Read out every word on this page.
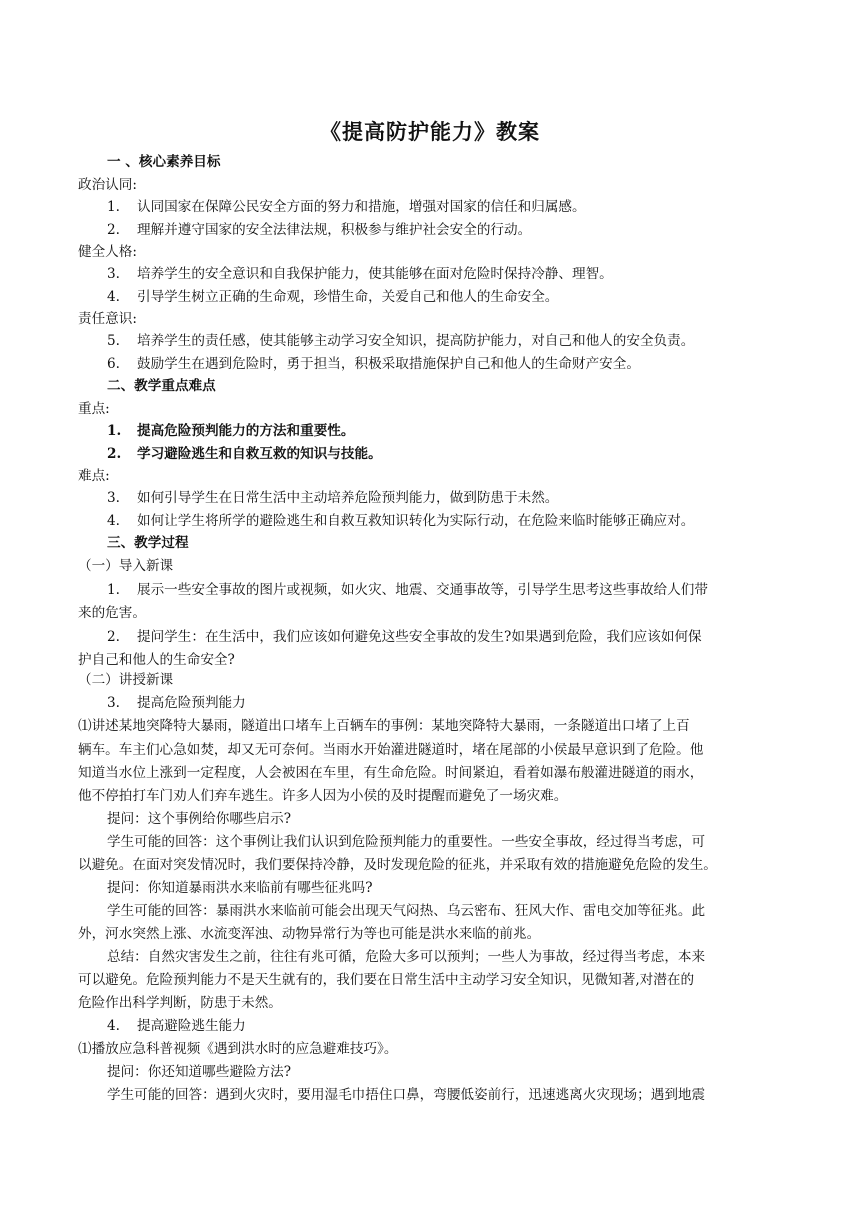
《提高防护能力》教案
一 、核心素养目标
政治认同:
1. 认同国家在保障公民安全方面的努力和措施，增强对国家的信任和归属感。
2. 理解并遵守国家的安全法律法规，积极参与维护社会安全的行动。
健全人格:
3. 培养学生的安全意识和自我保护能力，使其能够在面对危险时保持冷静、理智。
4. 引导学生树立正确的生命观，珍惜生命，关爱自己和他人的生命安全。
责任意识:
5. 培养学生的责任感，使其能够主动学习安全知识，提高防护能力，对自己和他人的安全负责。
6. 鼓励学生在遇到危险时，勇于担当，积极采取措施保护自己和他人的生命财产安全。
二、教学重点难点
重点:
1. 提高危险预判能力的方法和重要性。
2. 学习避险逃生和自救互救的知识与技能。
难点:
3. 如何引导学生在日常生活中主动培养危险预判能力，做到防患于未然。
4. 如何让学生将所学的避险逃生和自救互救知识转化为实际行动，在危险来临时能够正确应对。
三、教学过程
（一）导入新课
1. 展示一些安全事故的图片或视频，如火灾、地震、交通事故等，引导学生思考这些事故给人们带
来的危害。
2. 提问学生：在生活中，我们应该如何避免这些安全事故的发生?如果遇到危险，我们应该如何保
护自己和他人的生命安全?
（二）讲授新课
3. 提高危险预判能力
⑴讲述某地突降特大暴雨，隧道出口堵车上百辆车的事例：某地突降特大暴雨，一条隧道出口堵了上百
辆车。车主们心急如焚，却又无可奈何。当雨水开始灌进隧道时，堵在尾部的小侯最早意识到了危险。他
知道当水位上涨到一定程度，人会被困在车里，有生命危险。时间紧迫，看着如瀑布般灌进隧道的雨水，
他不停拍打车门劝人们弃车逃生。许多人因为小侯的及时提醒而避免了一场灾难。
提问：这个事例给你哪些启示?
学生可能的回答：这个事例让我们认识到危险预判能力的重要性。一些安全事故，经过得当考虑，可
以避免。在面对突发情况时，我们要保持冷静，及时发现危险的征兆，并采取有效的措施避免危险的发生。
提问：你知道暴雨洪水来临前有哪些征兆吗?
学生可能的回答：暴雨洪水来临前可能会出现天气闷热、乌云密布、狂风大作、雷电交加等征兆。此
外，河水突然上涨、水流变浑浊、动物异常行为等也可能是洪水来临的前兆。
总结：自然灾害发生之前，往往有兆可循，危险大多可以预判；一些人为事故，经过得当考虑，本来
可以避免。危险预判能力不是天生就有的，我们要在日常生活中主动学习安全知识，见微知著,对潜在的
危险作出科学判断，防患于未然。
4. 提高避险逃生能力
⑴播放应急科普视频《遇到洪水时的应急避难技巧》。
提问：你还知道哪些避险方法?
学生可能的回答：遇到火灾时，要用湿毛巾捂住口鼻，弯腰低姿前行，迅速逃离火灾现场；遇到地震
